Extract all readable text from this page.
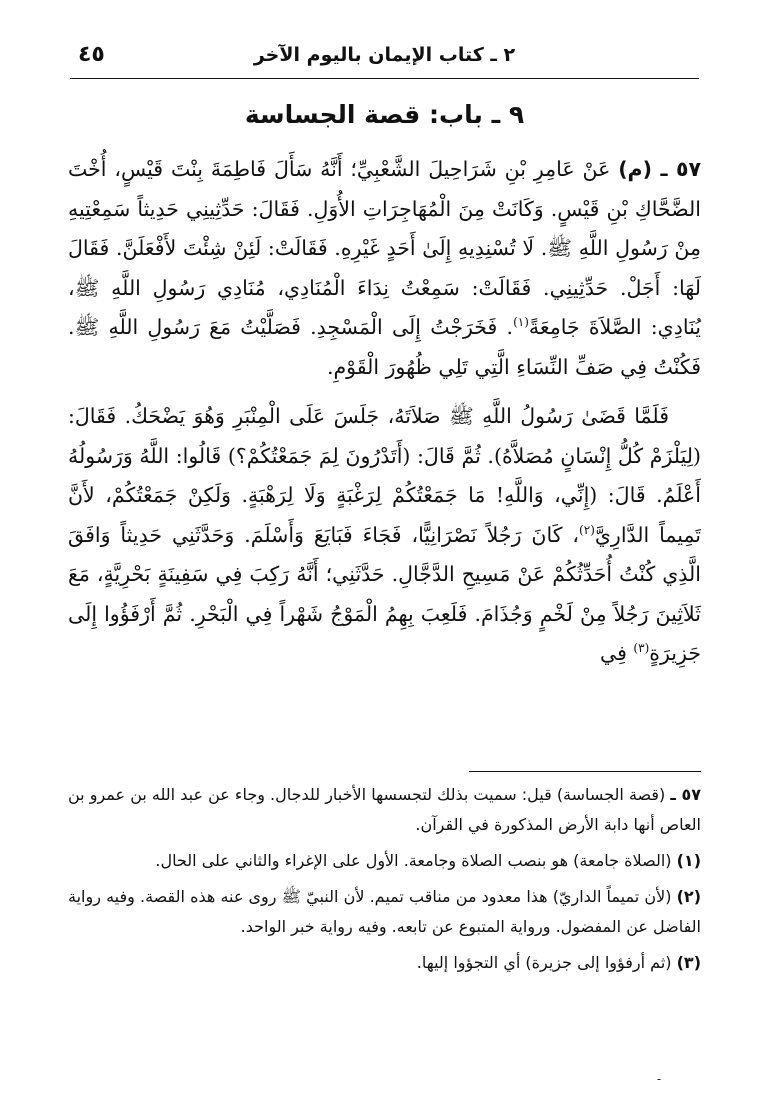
٢ ـ كتاب الإيمان باليوم الآخر
٤٥
٩ ـ باب: قصة الجساسة

٥٧ ـ (م) عَنْ عَامِرِ بْنِ شَرَاحِيلَ الشَّعْبِيِّ؛ أَنَّهُ سَأَلَ فَاطِمَةَ بِنْتَ قَيْسٍ، أُخْتَ الضَّحَّاكِ بْنِ قَيْسٍ. وَكَانَتْ مِنَ الْمُهَاجِرَاتِ الأُوَلِ. فَقَالَ: حَدِّثِينِي حَدِيثاً سَمِعْتِيهِ مِنْ رَسُولِ اللَّهِ ﷺ. لَا تُسْنِدِيهِ إِلَىٰ أَحَدٍ غَيْرِهِ. فَقَالَتْ: لَئِنْ شِئْتَ لأَفْعَلَنَّ. فَقَالَ لَهَا: أَجَلْ. حَدِّثِينِي. فَقَالَتْ: سَمِعْتُ نِدَاءَ الْمُنَادِي، مُنَادِي رَسُولِ اللَّهِ ﷺ، يُنَادِي: الصَّلاَةَ جَامِعَةً$^{(١)}$. فَخَرَجْتُ إِلَى الْمَسْجِدِ. فَصَلَّيْتُ مَعَ رَسُولِ اللَّهِ ﷺ. فَكُنْتُ فِي صَفِّ النِّسَاءِ الَّتِي تَلِي ظُهُورَ الْقَوْمِ.

فَلَمَّا قَضَىٰ رَسُولُ اللَّهِ ﷺ صَلاَتَهُ، جَلَسَ عَلَى الْمِنْبَرِ وَهُوَ يَضْحَكُ. فَقَالَ: (لِيَلْزَمْ كُلُّ إِنْسَانٍ مُصَلاَّهُ). ثُمَّ قَالَ: (أَتَدْرُونَ لِمَ جَمَعْتُكُمْ؟) قَالُوا: اللَّهُ وَرَسُولُهُ أَعْلَمُ. قَالَ: (إِنِّي، وَاللَّهِ! مَا جَمَعْتُكُمْ لِرَغْبَةٍ وَلَا لِرَهْبَةٍ. وَلَكِنْ جَمَعْتُكُمْ، لأَنَّ تَمِيماً الدَّارِيَّ$^{(٢)}$، كَانَ رَجُلاً نَصْرَانِيًّا، فَجَاءَ فَبَايَعَ وَأَسْلَمَ. وَحَدَّثَنِي حَدِيثاً وَافَقَ الَّذِي كُنْتُ أُحَدِّثُكُمْ عَنْ مَسِيحِ الدَّجَّالِ. حَدَّثَنِي؛ أَنَّهُ رَكِبَ فِي سَفِينَةٍ بَحْرِيَّةٍ، مَعَ ثَلاَثِينَ رَجُلاً مِنْ لَخْمٍ وَجُذَامَ. فَلَعِبَ بِهِمُ الْمَوْجُ شَهْراً فِي الْبَحْرِ. ثُمَّ أَرْفَؤُوا إِلَى جَزِيرَةٍ$^{(٣)}$ فِي

٥٧ ـ (قصة الجساسة) قيل: سميت بذلك لتجسسها الأخبار للدجال. وجاء عن عبد الله بن عمرو بن العاص أنها دابة الأرض المذكورة في القرآن.

(١) (الصلاة جامعة) هو بنصب الصلاة وجامعة. الأول على الإغراء والثاني على الحال.

(٢) (لأن تميماً الداريّ) هذا معدود من مناقب تميم. لأن النبيّ ﷺ روى عنه هذه القصة. وفيه رواية الفاضل عن المفضول. ورواية المتبوع عن تابعه. وفيه رواية خبر الواحد.

(٣) (ثم أرفؤوا إلى جزيرة) أي التجؤوا إليها.

-
